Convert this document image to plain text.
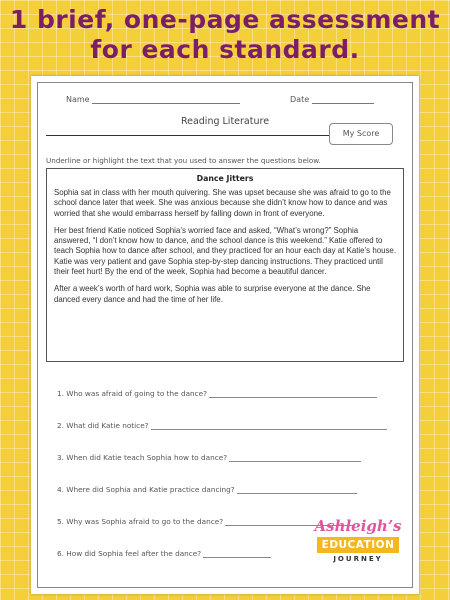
1 brief, one-page assessment
for each standard.
Name	Date
Reading Literature
My Score
Underline or highlight the text that you used to answer the questions below.
Dance Jitters
Sophia sat in class with her mouth quivering. She was upset because she was afraid to go to the school dance later that week. She was anxious because she didn’t know how to dance and was worried that she would embarrass herself by falling down in front of everyone.
Her best friend Katie noticed Sophia’s worried face and asked, “What’s wrong?” Sophia answered, “I don’t know how to dance, and the school dance is this weekend.” Katie offered to teach Sophia how to dance after school, and they practiced for an hour each day at Katie’s house. Katie was very patient and gave Sophia step-by-step dancing instructions. They practiced until their feet hurt! By the end of the week, Sophia had become a beautiful dancer.
After a week’s worth of hard work, Sophia was able to surprise everyone at the dance. She danced every dance and had the time of her life.
1. Who was afraid of going to the dance?
2. What did Katie notice?
3. When did Katie teach Sophia how to dance?
4. Where did Sophia and Katie practice dancing?
5. Why was Sophia afraid to go to the dance?
6. How did Sophia feel after the dance?
Ashleigh’s
EDUCATION
JOURNEY
